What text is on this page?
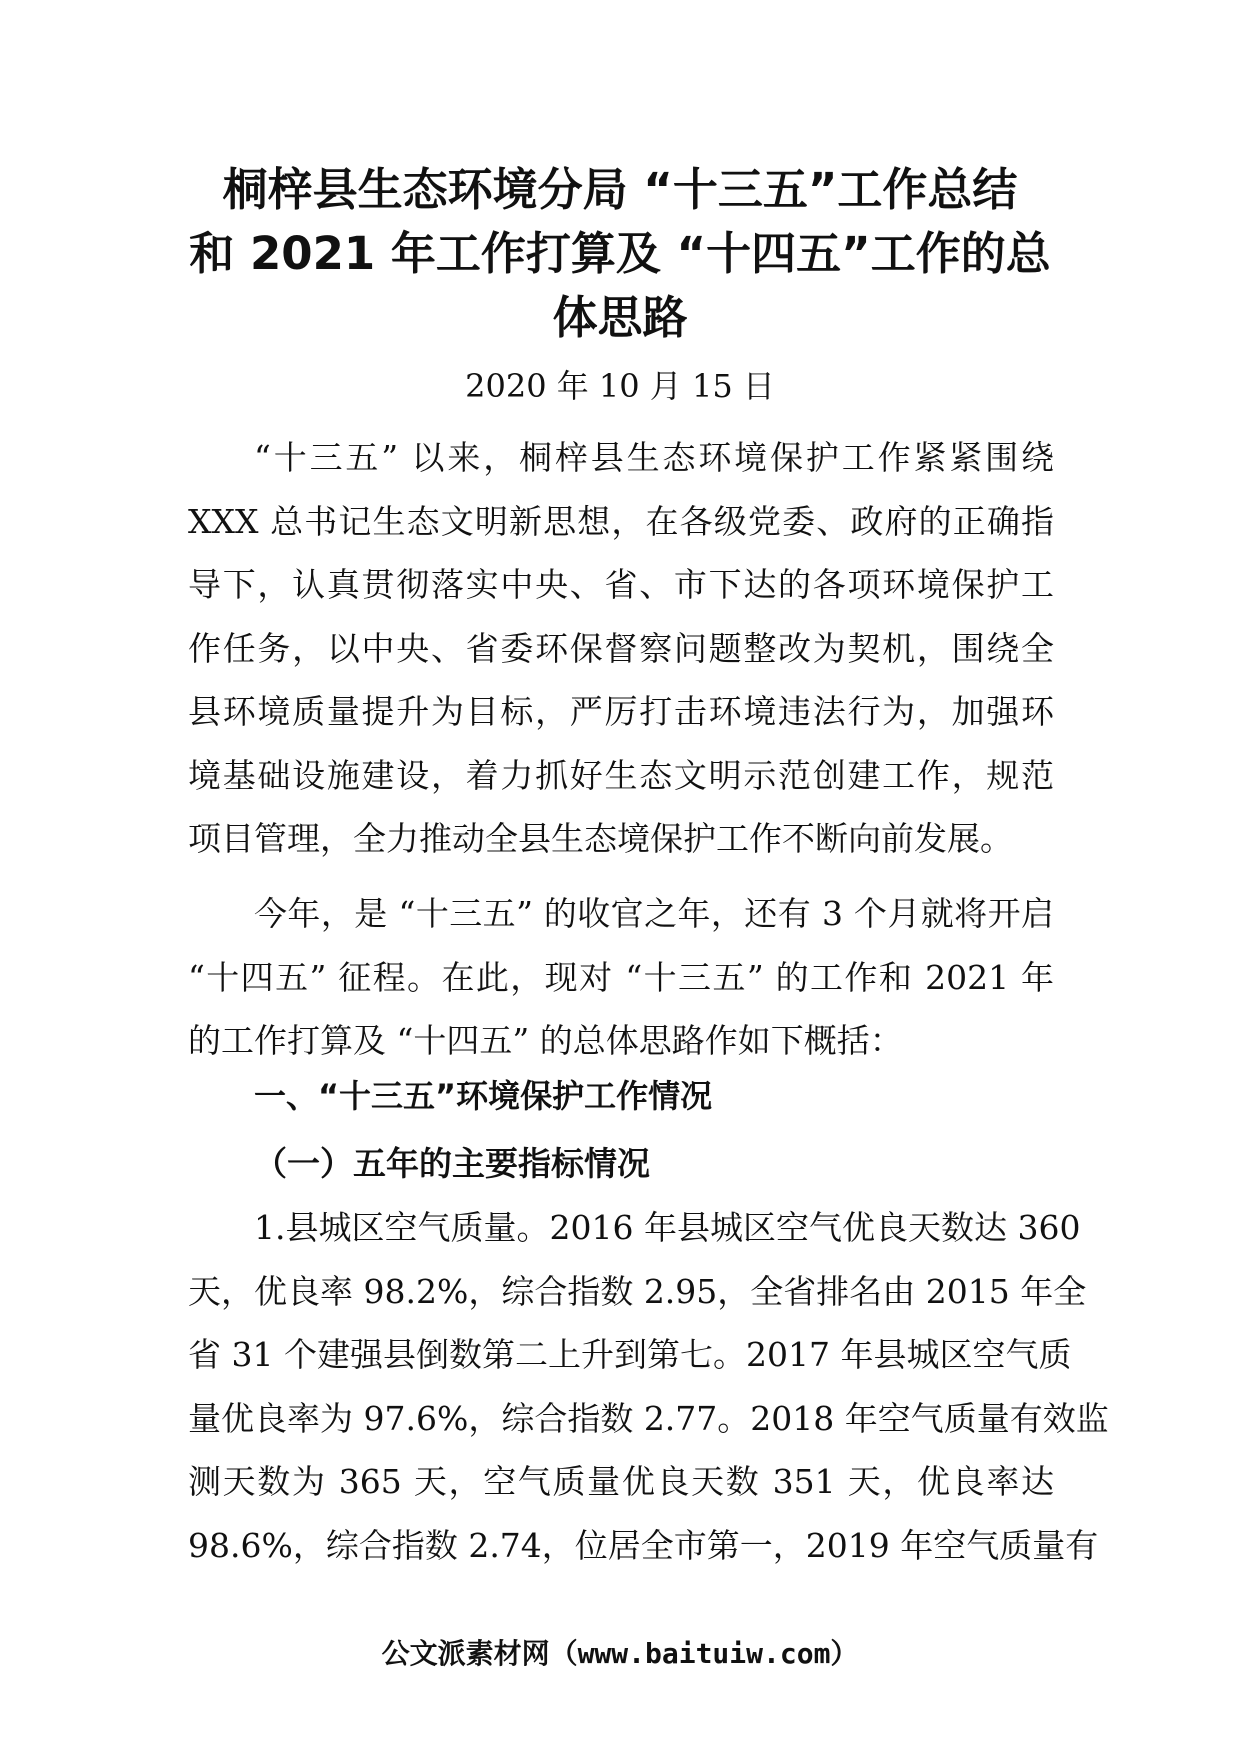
桐梓县生态环境分局 “十三五”工作总结
和 2021 年工作打算及 “十四五”工作的总
体思路

2020 年 10 月 15 日

“十三五” 以来，桐梓县生态环境保护工作紧紧围绕
XXX 总书记生态文明新思想，在各级党委、政府的正确指
导下，认真贯彻落实中央、省、市下达的各项环境保护工
作任务，以中央、省委环保督察问题整改为契机，围绕全
县环境质量提升为目标，严厉打击环境违法行为，加强环
境基础设施建设，着力抓好生态文明示范创建工作，规范
项目管理，全力推动全县生态境保护工作不断向前发展。
今年，是 “十三五” 的收官之年，还有 3 个月就将开启
“十四五” 征程。在此，现对 “十三五” 的工作和 2021 年
的工作打算及 “十四五” 的总体思路作如下概括：
一、“十三五”环境保护工作情况
（一）五年的主要指标情况
1.县城区空气质量。2016 年县城区空气优良天数达 360
天，优良率 98.2%，综合指数 2.95，全省排名由 2015 年全
省 31 个建强县倒数第二上升到第七。2017 年县城区空气质
量优良率为 97.6%，综合指数 2.77。2018 年空气质量有效监
测天数为 365 天，空气质量优良天数 351 天，优良率达
98.6%，综合指数 2.74，位居全市第一，2019 年空气质量有

公文派素材网（www.baituiw.com）
